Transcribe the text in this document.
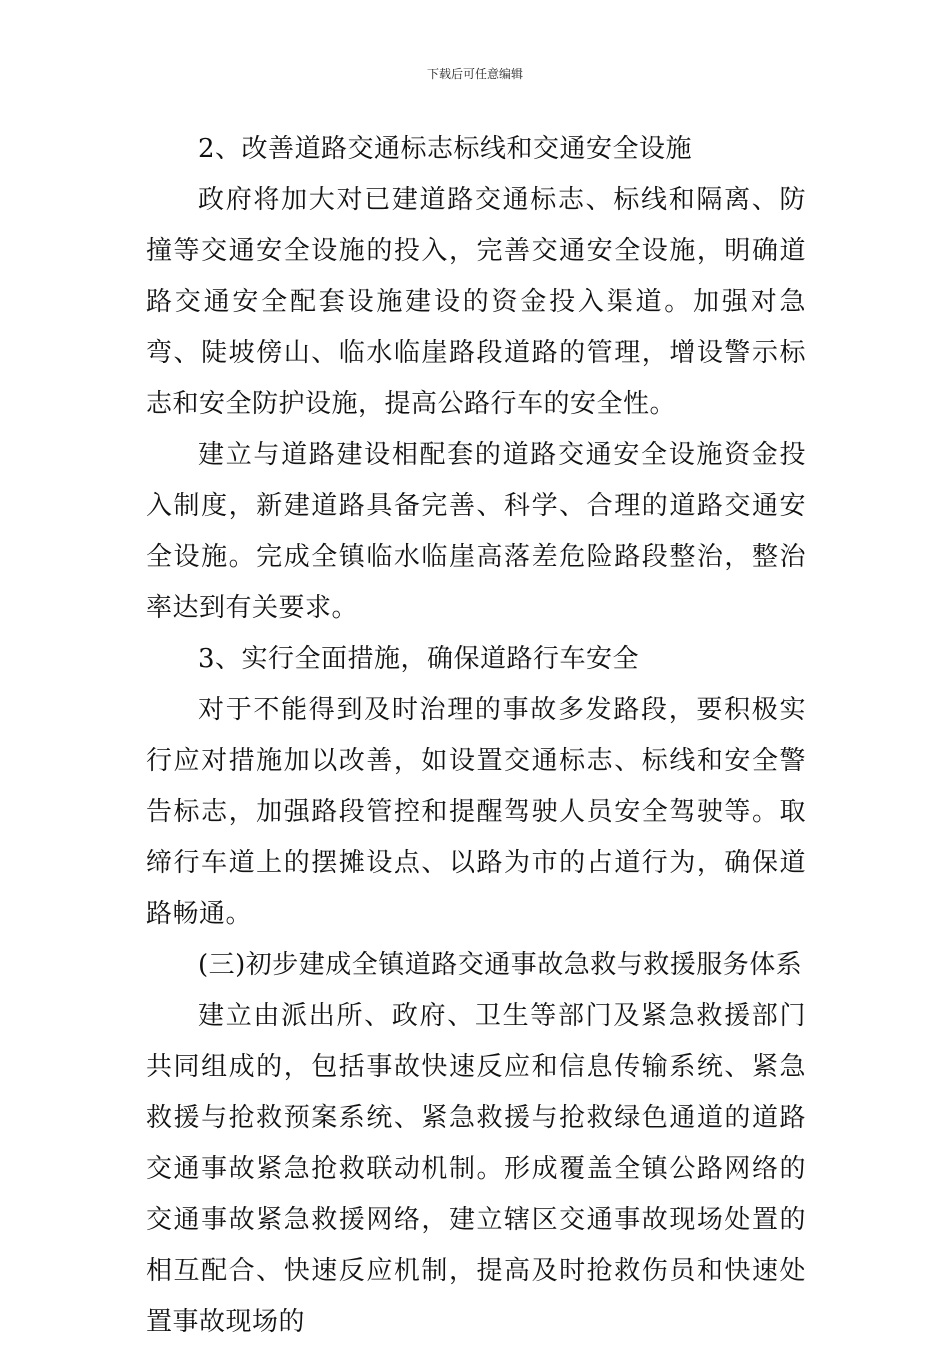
下载后可任意编辑

2、改善道路交通标志标线和交通安全设施

政府将加大对已建道路交通标志、标线和隔离、防撞等交通安全设施的投入，完善交通安全设施，明确道路交通安全配套设施建设的资金投入渠道。加强对急弯、陡坡傍山、临水临崖路段道路的管理，增设警示标志和安全防护设施，提高公路行车的安全性。

建立与道路建设相配套的道路交通安全设施资金投入制度，新建道路具备完善、科学、合理的道路交通安全设施。完成全镇临水临崖高落差危险路段整治，整治率达到有关要求。

3、实行全面措施，确保道路行车安全

对于不能得到及时治理的事故多发路段，要积极实行应对措施加以改善，如设置交通标志、标线和安全警告标志，加强路段管控和提醒驾驶人员安全驾驶等。取缔行车道上的摆摊设点、以路为市的占道行为，确保道路畅通。

(三)初步建成全镇道路交通事故急救与救援服务体系

建立由派出所、政府、卫生等部门及紧急救援部门共同组成的，包括事故快速反应和信息传输系统、紧急救援与抢救预案系统、紧急救援与抢救绿色通道的道路交通事故紧急抢救联动机制。形成覆盖全镇公路网络的交通事故紧急救援网络，建立辖区交通事故现场处置的相互配合、快速反应机制，提高及时抢救伤员和快速处置事故现场的
